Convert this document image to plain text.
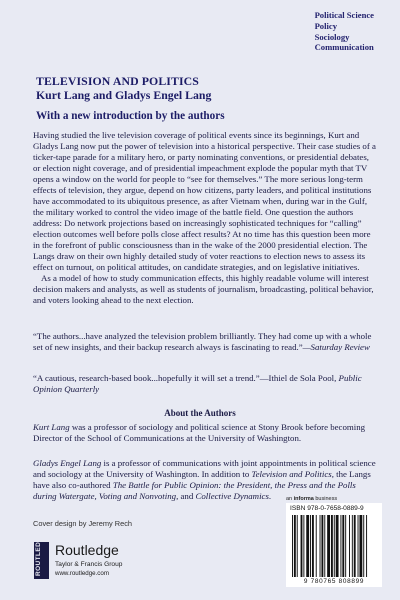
Political Science
Policy
Sociology
Communication
TELEVISION AND POLITICS
Kurt Lang and Gladys Engel Lang
With a new introduction by the authors

Having studied the live television coverage of political events since its beginnings, Kurt and Gladys Lang now put the power of television into a historical perspective. Their case studies of a ticker-tape parade for a military hero, or party nominating conventions, or presidential debates, or election night coverage, and of presidential impeachment explode the popular myth that TV opens a window on the world for people to “see for themselves.” The more serious long-term effects of television, they argue, depend on how citizens, party leaders, and political institutions have accommodated to its ubiquitous presence, as after Vietnam when, during war in the Gulf, the military worked to control the video image of the battle field. One question the authors address: Do network projections based on increasingly sophisticated techniques for “calling” election outcomes well before polls close affect results? At no time has this question been more in the forefront of public consciousness than in the wake of the 2000 presidential election. The Langs draw on their own highly detailed study of voter reactions to election news to assess its effect on turnout, on political attitudes, on candidate strategies, and on legislative initiatives.

As a model of how to study communication effects, this highly readable volume will interest decision makers and analysts, as well as students of journalism, broadcasting, political behavior, and voters looking ahead to the next election.

“The authors...have analyzed the television problem brilliantly. They had come up with a whole set of new insights, and their backup research always is fascinating to read.”—Saturday Review
“A cautious, research-based book...hopefully it will set a trend.”—Ithiel de Sola Pool, Public Opinion Quarterly
About the Authors
Kurt Lang was a professor of sociology and political science at Stony Brook before becoming Director of the School of Communications at the University of Washington.
Gladys Engel Lang is a professor of communications with joint appointments in political science and sociology at the University of Washington. In addition to Television and Politics, the Langs have also co-authored The Battle for Public Opinion: the President, the Press and the Polls during Watergate, Voting and Nonvoting, and Collective Dynamics.	an informa business
Cover design by Jeremy Rech
ROUTLEDGE Routledge
Taylor & Francis Group
www.routledge.com
ISBN 978-0-7658-0889-9
9 780765 808899
